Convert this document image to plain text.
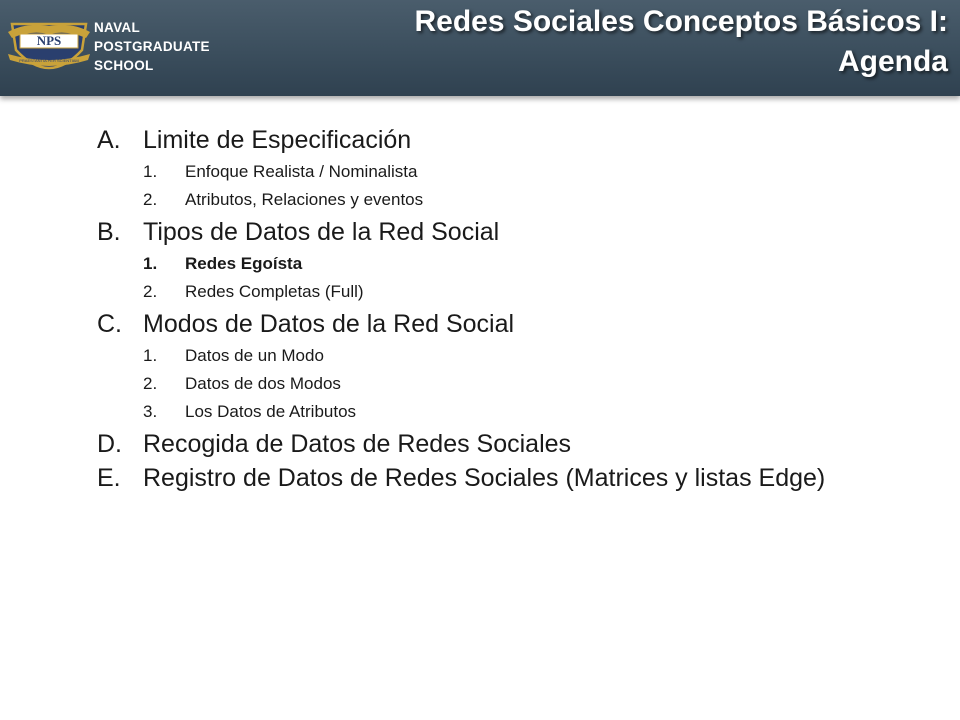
NPS
PRAESTANTIA PER SCIENTIAM
NAVAL
POSTGRADUATE
SCHOOL
Redes Sociales Conceptos Básicos I:
Agenda
A. Limite de Especificación
1.	Enfoque Realista / Nominalista
2.	Atributos, Relaciones y eventos
B. Tipos de Datos de la Red Social
1.	Redes Egoísta
2.	Redes Completas (Full)
C. Modos de Datos de la Red Social
1.	Datos de un Modo
2.	Datos de dos Modos
3.	Los Datos de Atributos
D. Recogida de Datos de Redes Sociales
E. Registro de Datos de Redes Sociales (Matrices y listas Edge)
